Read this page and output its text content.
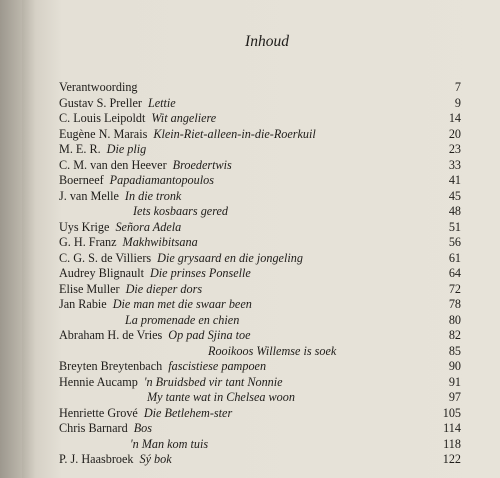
Inhoud
Verantwoording	7
Gustav S. Preller Lettie	9
C. Louis Leipoldt Wit angeliere	14
Eugène N. Marais Klein-Riet-alleen-in-die-Roerkuil	20
M. E. R. Die plig	23
C. M. van den Heever Broedertwis	33
Boerneef Papadiamantopoulos	41
J. van Melle In die tronk	45
Iets kosbaars gered	48
Uys Krige Señora Adela	51
G. H. Franz Makhwibitsana	56
C. G. S. de Villiers Die grysaard en die jongeling	61
Audrey Blignault Die prinses Ponselle	64
Elise Muller Die dieper dors	72
Jan Rabie Die man met die swaar been	78
La promenade en chien	80
Abraham H. de Vries Op pad Sjina toe	82
Rooikoos Willemse is soek	85
Breyten Breytenbach fascistiese pampoen	90
Hennie Aucamp 'n Bruidsbed vir tant Nonnie	91
My tante wat in Chelsea woon	97
Henriette Grové Die Betlehem-ster	105
Chris Barnard Bos	114
'n Man kom tuis	118
P. J. Haasbroek Sý bok	122
